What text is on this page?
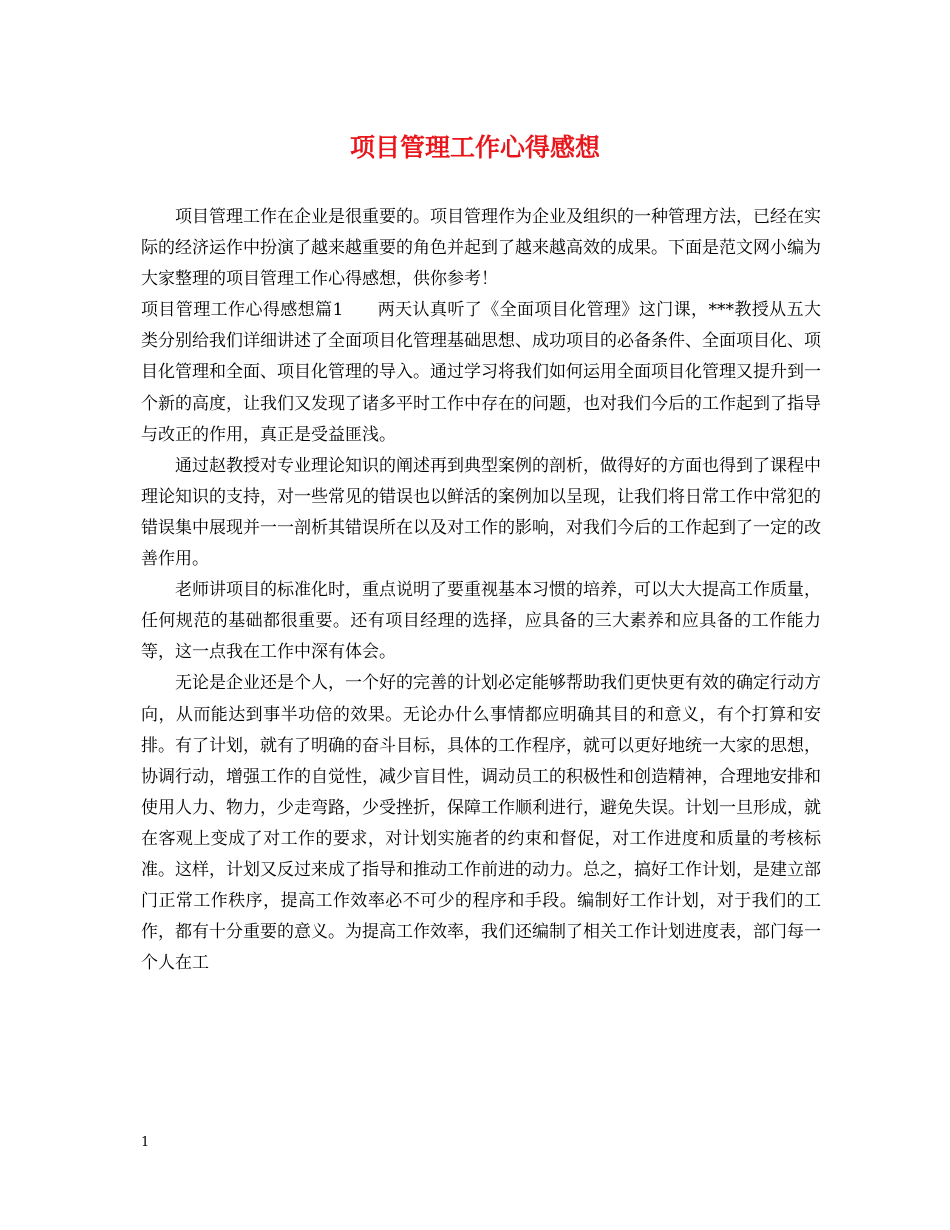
项目管理工作心得感想

项目管理工作在企业是很重要的。项目管理作为企业及组织的一种管理方法，已经在实际的经济运作中扮演了越来越重要的角色并起到了越来越高效的成果。下面是范文网小编为大家整理的项目管理工作心得感想，供你参考！

项目管理工作心得感想篇1 两天认真听了《全面项目化管理》这门课，***教授从五大类分别给我们详细讲述了全面项目化管理基础思想、成功项目的必备条件、全面项目化、项目化管理和全面、项目化管理的导入。通过学习将我们如何运用全面项目化管理又提升到一个新的高度，让我们又发现了诸多平时工作中存在的问题，也对我们今后的工作起到了指导与改正的作用，真正是受益匪浅。

通过赵教授对专业理论知识的阐述再到典型案例的剖析，做得好的方面也得到了课程中理论知识的支持，对一些常见的错误也以鲜活的案例加以呈现，让我们将日常工作中常犯的错误集中展现并一一剖析其错误所在以及对工作的影响，对我们今后的工作起到了一定的改善作用。

老师讲项目的标准化时，重点说明了要重视基本习惯的培养，可以大大提高工作质量，任何规范的基础都很重要。还有项目经理的选择，应具备的三大素养和应具备的工作能力等，这一点我在工作中深有体会。

无论是企业还是个人，一个好的完善的计划必定能够帮助我们更快更有效的确定行动方向，从而能达到事半功倍的效果。无论办什么事情都应明确其目的和意义，有个打算和安排。有了计划，就有了明确的奋斗目标，具体的工作程序，就可以更好地统一大家的思想，协调行动，增强工作的自觉性，减少盲目性，调动员工的积极性和创造精神，合理地安排和使用人力、物力，少走弯路，少受挫折，保障工作顺利进行，避免失误。计划一旦形成，就在客观上变成了对工作的要求，对计划实施者的约束和督促，对工作进度和质量的考核标准。这样，计划又反过来成了指导和推动工作前进的动力。总之，搞好工作计划，是建立部门正常工作秩序，提高工作效率必不可少的程序和手段。编制好工作计划，对于我们的工作，都有十分重要的意义。为提高工作效率，我们还编制了相关工作计划进度表，部门每一个人在工

1
